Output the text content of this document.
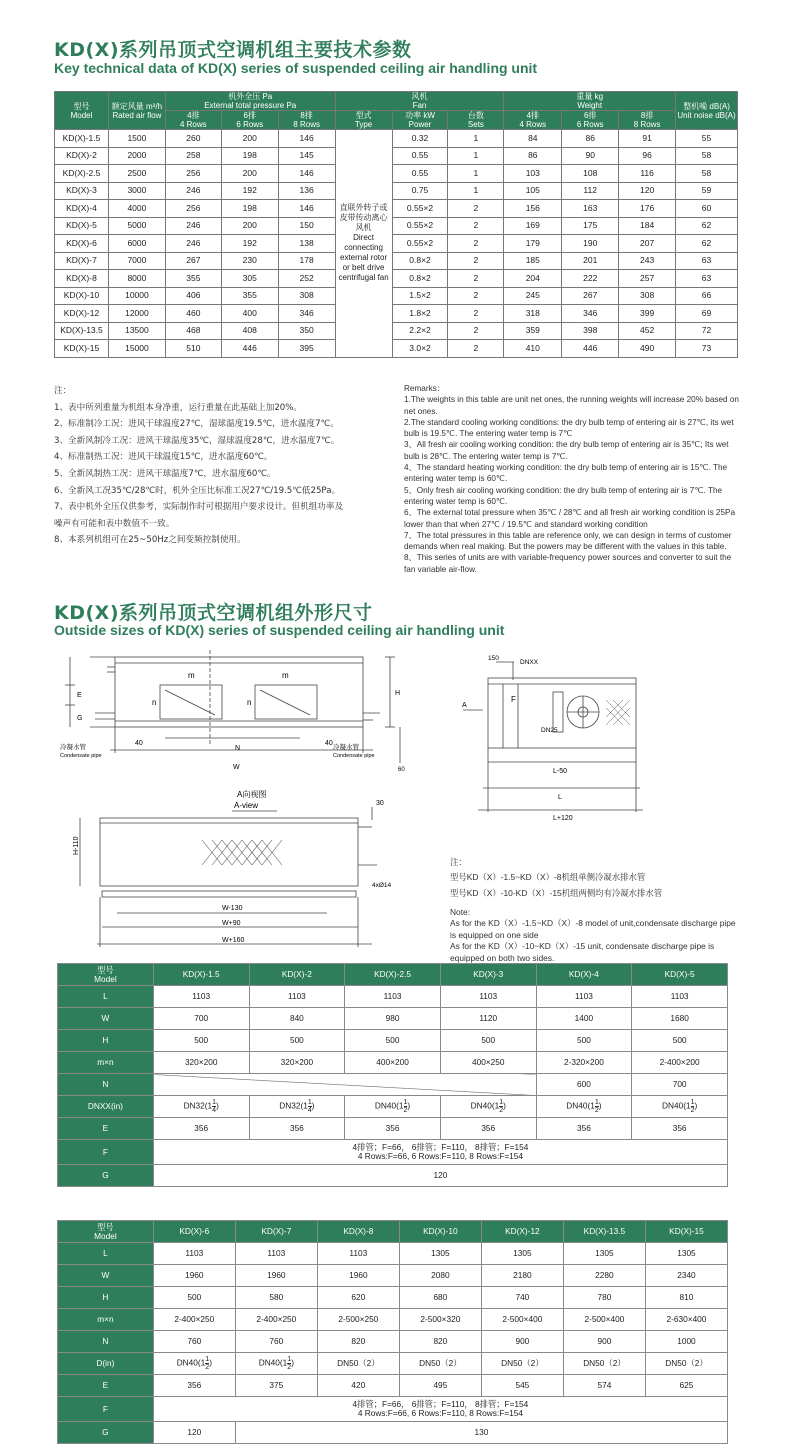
KD(X)系列吊顶式空调机组主要技术参数
Key technical data of KD(X) series of suspended ceiling air handling unit
型号
Model	额定风量 m³/h
Rated air flow	机外全压 Pa
External total pressure Pa			风机
Fan			重量 kg
Weight			整机噪 dB(A)
Unit noise dB(A)
		4排
4 Rows	6排
6 Rows	8排
8 Rows	型式
Type	功率 kW
Power	台数
Sets	4排
4 Rows	6排
6 Rows	8排
8 Rows	
KD(X)-1.5	1500	260	200	146	直联外转子或皮带传动离心风机
Direct connecting external rotor or belt drive centrifugal fan	0.32	1	84	86	91	55
KD(X)-2	2000	258	198	145		0.55	1	86	90	96	58
KD(X)-2.5	2500	256	200	146		0.55	1	103	108	116	58
KD(X)-3	3000	246	192	136		0.75	1	105	112	120	59
KD(X)-4	4000	256	198	146		0.55×2	2	156	163	176	60
KD(X)-5	5000	246	200	150		0.55×2	2	169	175	184	62
KD(X)-6	6000	246	192	138		0.55×2	2	179	190	207	62
KD(X)-7	7000	267	230	178		0.8×2	2	185	201	243	63
KD(X)-8	8000	355	305	252		0.8×2	2	204	222	257	63
KD(X)-10	10000	406	355	308		1.5×2	2	245	267	308	66
KD(X)-12	12000	460	400	346		1.8×2	2	318	346	399	69
KD(X)-13.5	13500	468	408	350		2.2×2	2	359	398	452	72
KD(X)-15	15000	510	446	395		3.0×2	2	410	446	490	73

注：

1、表中所列重量为机组本身净重，运行重量在此基础上加20%。

2、标准制冷工况：进风干球温度27℃，湿球温度19.5℃，进水温度7℃。

3、全新风制冷工况：进风干球温度35℃，湿球温度28℃，进水温度7℃。

4、标准制热工况：进风干球温度15℃，进水温度60℃。

5、全新风制热工况：进风干球温度7℃，进水温度60℃。

6、全新风工况35℃/28℃时，机外全压比标准工况27℃/19.5℃低25Pa。

7、表中机外全压仅供参考，实际制作时可根据用户要求设计。但机组功率及

噪声有可能和表中数值不一致。

8、本系列机组可在25~50Hz之间变频控制使用。

Remarks：

1.The weights in this table are unit net ones, the running weights will increase 20% based on net ones.

2.The standard cooling working conditions: the dry bulb temp of entering air is 27℃, its wet bulb is 19.5℃. The entering water temp is 7℃

3、All fresh air cooling working condition: the dry bulb temp of entering air is 35℃; Its wet bulb is 28℃. The entering water temp is 7℃.

4、The standard heating working condition: the dry bulb temp of entering air is 15℃. The entering water temp is 60℃.

5、Only fresh air cooling working condition: the dry bulb temp of entering air is 7℃. The entering water temp is 60℃.

6、The external total pressure when 35℃ / 28℃ and all fresh air working condition is 25Pa lower than that when 27℃ / 19.5℃ and standard working condition

7、The total pressures in this table are reference only, we can design in terms of customer demands when real making. But the powers may be different with the values in this table.

8、This series of units are with variable-frequency power sources and converter to suit the fan variable air-flow.

KD(X)系列吊顶式空调机组外形尺寸
Outside sizes of KD(X) series of suspended ceiling air handling unit
m	m
n	n
E
G
H
N
W
40	40
60
冷凝水管
Condensate pipe
冷凝水管
Condensate pipe
A向视图
A-view	30
H-110
4xØ14
W-130
W+90
W+160
150
DNXX
F
A
DN25
L-50
L
L+120

注：

型号KD（X）-1.5~KD（X）-8机组单侧冷凝水排水管

型号KD（X）-10-KD（X）-15机组两侧均有冷凝水排水管

Note:

As for the KD（X）-1.5~KD（X）-8 model of unit,condensate discharge pipe is equipped on one side

As for the KD（X）-10~KD（X）-15 unit, condensate discharge pipe is equipped on both two sides.

型号
Model	KD(X)-1.5	KD(X)-2	KD(X)-2.5	KD(X)-3	KD(X)-4	KD(X)-5
L	1103	1103	1103	1103	1103	1103
W	700	840	980	1120	1400	1680
H	500	500	500	500	500	500
m×n	320×200	320×200	400×200	400×250	2-320×200	2-400×200
N					600	700
DNXX(in)	$DN32(1 \frac{1}{4}$ )	$DN32(1 \frac{1}{4}$ )	$DN40(1 \frac{1}{2}$ )	$DN40(1 \frac{1}{2}$ )	$DN40(1 \frac{1}{2}$ )	$DN40(1 \frac{1}{2}$ )
E	356	356	356	356	356	356
F	4排管；F=66， 6排管；F=110， 8排管；F=154
4 Rows:F=66, 6 Rows:F=110, 8 Rows:F=154					
G	120					
型号
Model	KD(X)-6	KD(X)-7	KD(X)-8	KD(X)-10	KD(X)-12	KD(X)-13.5	KD(X)-15
L	1103	1103	1103	1305	1305	1305	1305
W	1960	1960	1960	2080	2180	2280	2340
H	500	580	620	680	740	780	810
m×n	2-400×250	2-400×250	2-500×250	2-500×320	2-500×400	2-500×400	2-630×400
N	760	760	820	820	900	900	1000
D(in)	$DN40(1 \frac{1}{2}$ )	$DN40(1 \frac{1}{2}$ )	DN50（2）	DN50（2）	DN50（2）	DN50（2）	DN50（2）
E	356	375	420	495	545	574	625
F	4排管；F=66， 6排管；F=110， 8排管；F=154
4 Rows:F=66, 6 Rows:F=110, 8 Rows:F=154						
G	120	130					
